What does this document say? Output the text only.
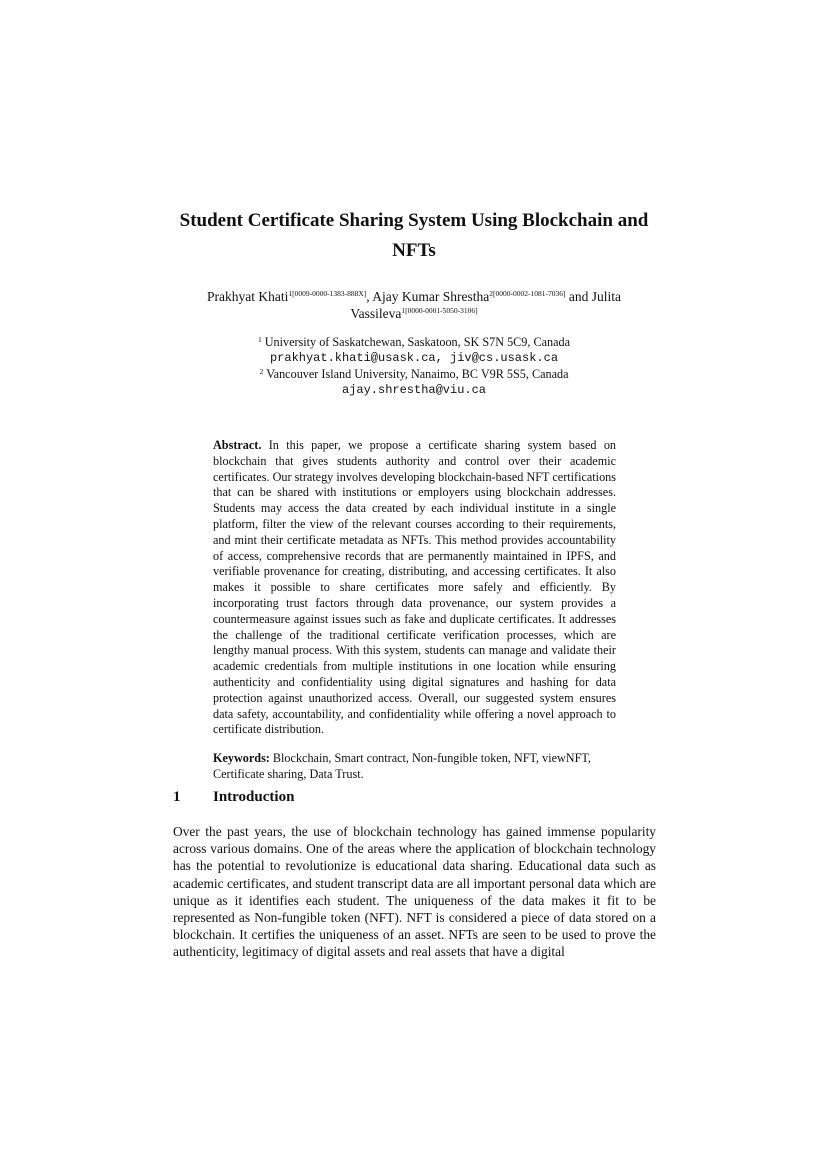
Student Certificate Sharing System Using Blockchain and NFTs
Prakhyat Khati$^{1[0009-0000-1383-888X]}$, Ajay Kumar Shrestha$^{2[0000-0002-1081-7036]}$ and Julita Vassileva$^{1[0000-0001-5050-3106]}$
$^1$ University of Saskatchewan, Saskatoon, SK S7N 5C9, Canada
prakhyat.khati@usask.ca, jiv@cs.usask.ca
$^2$ Vancouver Island University, Nanaimo, BC V9R 5S5, Canada
ajay.shrestha@viu.ca

Abstract. In this paper, we propose a certificate sharing system based on blockchain that gives students authority and control over their academic certificates. Our strategy involves developing blockchain-based NFT certifications that can be shared with institutions or employers using blockchain addresses. Students may access the data created by each individual institute in a single platform, filter the view of the relevant courses according to their requirements, and mint their certificate metadata as NFTs. This method provides accountability of access, comprehensive records that are permanently maintained in IPFS, and verifiable provenance for creating, distributing, and accessing certificates. It also makes it possible to share certificates more safely and efficiently. By incorporating trust factors through data provenance, our system provides a countermeasure against issues such as fake and duplicate certificates. It addresses the challenge of the traditional certificate verification processes, which are lengthy manual process. With this system, students can manage and validate their academic credentials from multiple institutions in one location while ensuring authenticity and confidentiality using digital signatures and hashing for data protection against unauthorized access. Overall, our suggested system ensures data safety, accountability, and confidentiality while offering a novel approach to certificate distribution.

Keywords: Blockchain, Smart contract, Non-fungible token, NFT, viewNFT, Certificate sharing, Data Trust.

1 Introduction

Over the past years, the use of blockchain technology has gained immense popularity across various domains. One of the areas where the application of blockchain technology has the potential to revolutionize is educational data sharing. Educational data such as academic certificates, and student transcript data are all important personal data which are unique as it identifies each student. The uniqueness of the data makes it fit to be represented as Non-fungible token (NFT). NFT is considered a piece of data stored on a blockchain. It certifies the uniqueness of an asset. NFTs are seen to be used to prove the authenticity, legitimacy of digital assets and real assets that have a digital
